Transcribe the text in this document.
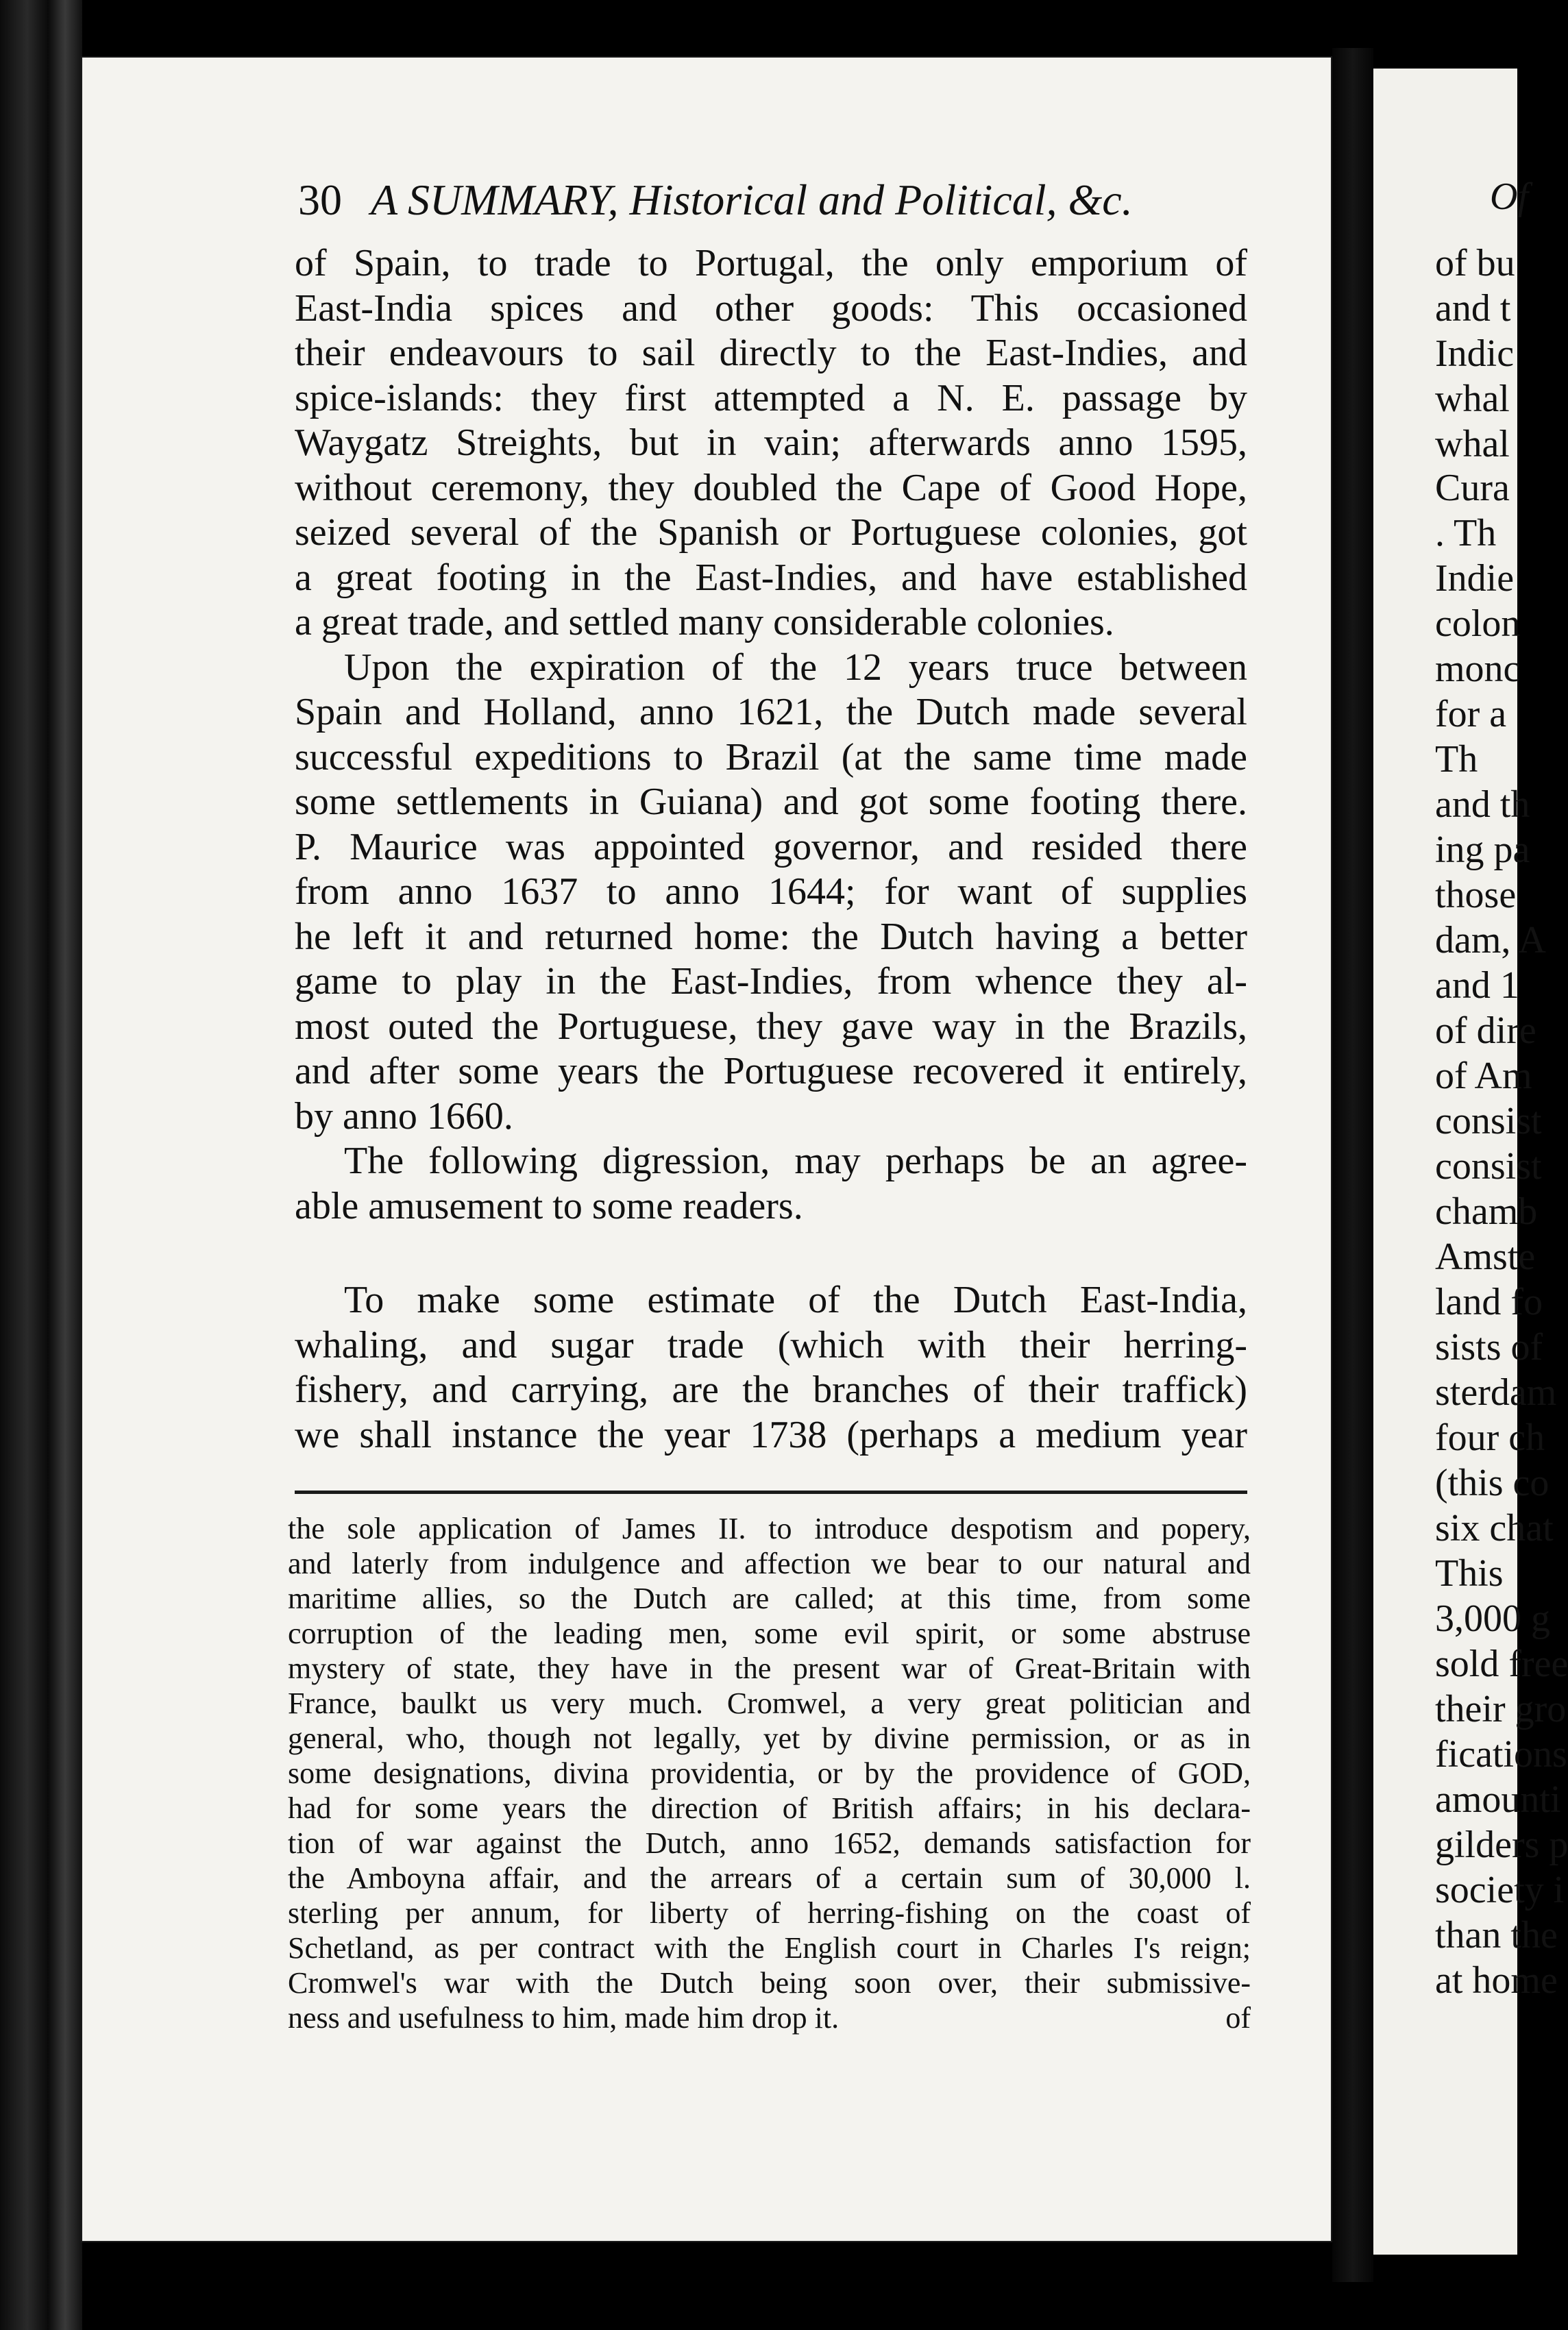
30 A SUMMARY, Historical and Political, &c.
of Spain, to trade to Portugal, the only emporium of
East-India spices and other goods: This occasioned
their endeavours to sail directly to the East-Indies, and
spice-islands: they first attempted a N. E. passage by
Waygatz Streights, but in vain; afterwards anno 1595,
without ceremony, they doubled the Cape of Good Hope,
seized several of the Spanish or Portuguese colonies, got
a great footing in the East-Indies, and have established
a great trade, and settled many considerable colonies.
Upon the expiration of the 12 years truce between
Spain and Holland, anno 1621, the Dutch made several
successful expeditions to Brazil (at the same time made
some settlements in Guiana) and got some footing there.
P. Maurice was appointed governor, and resided there
from anno 1637 to anno 1644; for want of supplies
he left it and returned home: the Dutch having a better
game to play in the East-Indies, from whence they al-
most outed the Portuguese, they gave way in the Brazils,
and after some years the Portuguese recovered it entirely,
by anno 1660.
The following digression, may perhaps be an agree-
able amusement to some readers.
To make some estimate of the Dutch East-India,
whaling, and sugar trade (which with their herring-
fishery, and carrying, are the branches of their traffick)
we shall instance the year 1738 (perhaps a medium year
the sole application of James II. to introduce despotism and popery,
and laterly from indulgence and affection we bear to our natural and
maritime allies, so the Dutch are called; at this time, from some
corruption of the leading men, some evil spirit, or some abstruse
mystery of state, they have in the present war of Great-Britain with
France, baulkt us very much. Cromwel, a very great politician and
general, who, though not legally, yet by divine permission, or as in
some designations, divina providentia, or by the providence of GOD,
had for some years the direction of British affairs; in his declara-
tion of war against the Dutch, anno 1652, demands satisfaction for
the Amboyna affair, and the arrears of a certain sum of 30,000 l.
sterling per annum, for liberty of herring-fishing on the coast of
Schetland, as per contract with the English court in Charles I's reign;
Cromwel's war with the Dutch being soon over, their submissive-
ness and usefulness to him, made him drop it.	of
Of
of bu
and t
Indic
whal
whal
Cura
. Th
Indie
colon
monc
for a
Th
and th
ing pa
those
dam, A
and 1
of dire
of Am
consist
consist
chamb
Amste
land fo
sists of
sterdam
four ch
(this co
six chat
This
3,000 g
sold free
their gro
fications
amounti
gilders p
society i
than the
at home
